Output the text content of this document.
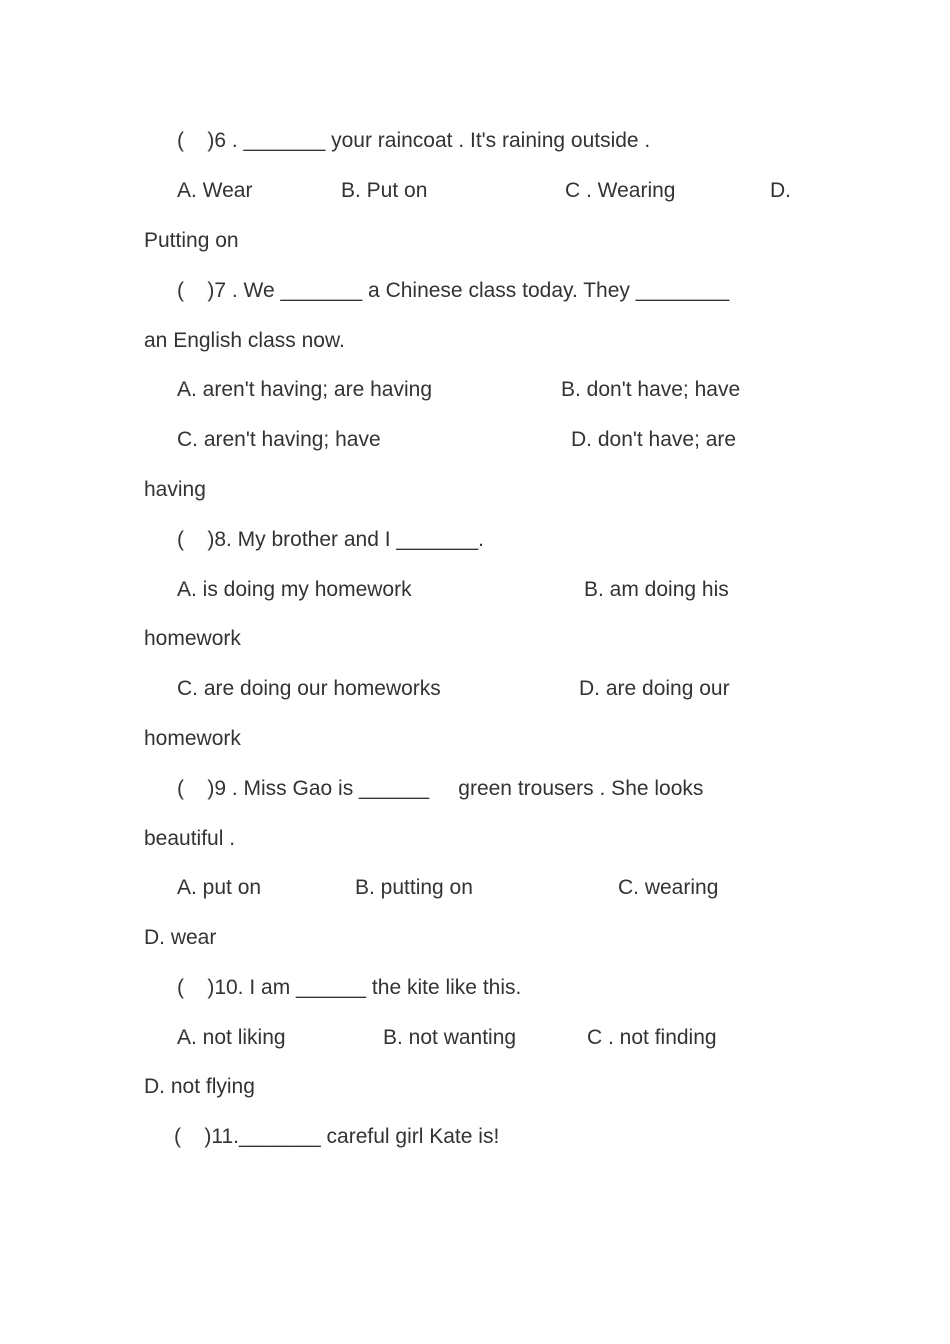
(    )6 . _______ your raincoat . It's raining outside .
A. Wear	B. Put on	C . Wearing	D.
Putting on
(    )7 . We _______ a Chinese class today. They ________
an English class now.
A. aren't having; are having	B. don't have; have
C. aren't having; have	D. don't have; are
having
(    )8. My brother and I _______.
A. is doing my homework	B. am doing his
homework
C. are doing our homeworks	D. are doing our
homework
(    )9 . Miss Gao is ______     green trousers . She looks
beautiful .
A. put on	B. putting on	C. wearing
D. wear
(    )10. I am ______ the kite like this.
A. not liking	B. not wanting	C . not finding
D. not flying
(    )11._______ careful girl Kate is!
